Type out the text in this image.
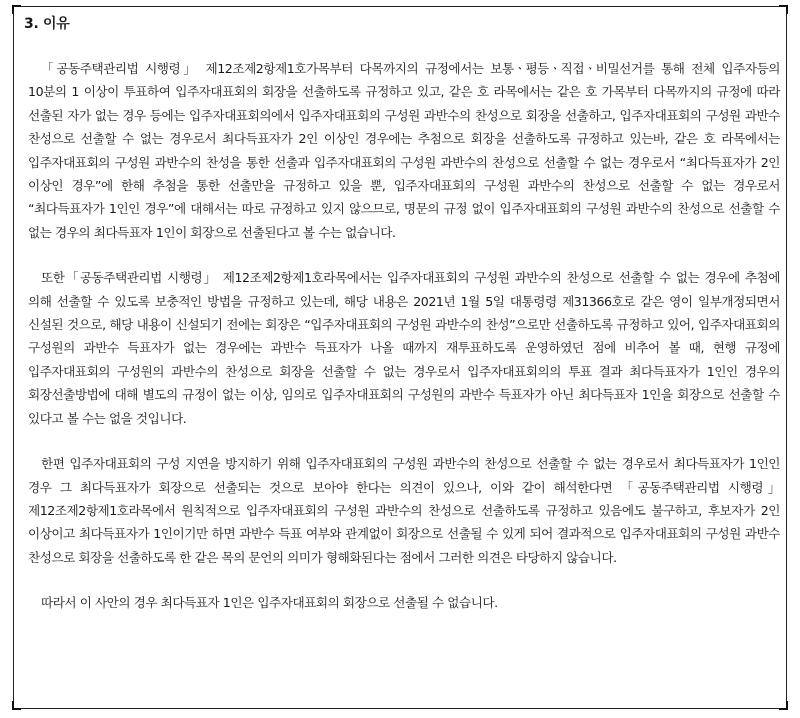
3. 이유

「공동주택관리법 시행령」 제12조제2항제1호가목부터 다목까지의 규정에서는 보통ㆍ평등ㆍ직접ㆍ비밀선거를 통해 전체 입주자등의 10분의 1 이상이 투표하여 입주자대표회의 회장을 선출하도록 규정하고 있고, 같은 호 라목에서는 같은 호 가목부터 다목까지의 규정에 따라 선출된 자가 없는 경우 등에는 입주자대표회의에서 입주자대표회의 구성원 과반수의 찬성으로 회장을 선출하고, 입주자대표회의 구성원 과반수 찬성으로 선출할 수 없는 경우로서 최다득표자가 2인 이상인 경우에는 추첨으로 회장을 선출하도록 규정하고 있는바, 같은 호 라목에서는 입주자대표회의 구성원 과반수의 찬성을 통한 선출과 입주자대표회의 구성원 과반수의 찬성으로 선출할 수 없는 경우로서 “최다득표자가 2인 이상인 경우”에 한해 추첨을 통한 선출만을 규정하고 있을 뿐, 입주자대표회의 구성원 과반수의 찬성으로 선출할 수 없는 경우로서 “최다득표자가 1인인 경우”에 대해서는 따로 규정하고 있지 않으므로, 명문의 규정 없이 입주자대표회의 구성원 과반수의 찬성으로 선출할 수 없는 경우의 최다득표자 1인이 회장으로 선출된다고 볼 수는 없습니다.

또한「공동주택관리법 시행령」 제12조제2항제1호라목에서는 입주자대표회의 구성원 과반수의 찬성으로 선출할 수 없는 경우에 추첨에 의해 선출할 수 있도록 보충적인 방법을 규정하고 있는데, 해당 내용은 2021년 1월 5일 대통령령 제31366호로 같은 영이 일부개정되면서 신설된 것으로, 해당 내용이 신설되기 전에는 회장은 “입주자대표회의 구성원 과반수의 찬성”으로만 선출하도록 규정하고 있어, 입주자대표회의 구성원의 과반수 득표자가 없는 경우에는 과반수 득표자가 나올 때까지 재투표하도록 운영하였던 점에 비추어 볼 때, 현행 규정에 입주자대표회의 구성원의 과반수의 찬성으로 회장을 선출할 수 없는 경우로서 입주자대표회의의 투표 결과 최다득표자가 1인인 경우의 회장선출방법에 대해 별도의 규정이 없는 이상, 임의로 입주자대표회의 구성원의 과반수 득표자가 아닌 최다득표자 1인을 회장으로 선출할 수 있다고 볼 수는 없을 것입니다.

한편 입주자대표회의 구성 지연을 방지하기 위해 입주자대표회의 구성원 과반수의 찬성으로 선출할 수 없는 경우로서 최다득표자가 1인인 경우 그 최다득표자가 회장으로 선출되는 것으로 보아야 한다는 의견이 있으나, 이와 같이 해석한다면 「공동주택관리법 시행령」 제12조제2항제1호라목에서 원칙적으로 입주자대표회의 구성원 과반수의 찬성으로 선출하도록 규정하고 있음에도 불구하고, 후보자가 2인 이상이고 최다득표자가 1인이기만 하면 과반수 득표 여부와 관계없이 회장으로 선출될 수 있게 되어 결과적으로 입주자대표회의 구성원 과반수 찬성으로 회장을 선출하도록 한 같은 목의 문언의 의미가 형해화된다는 점에서 그러한 의견은 타당하지 않습니다.

따라서 이 사안의 경우 최다득표자 1인은 입주자대표회의 회장으로 선출될 수 없습니다.
